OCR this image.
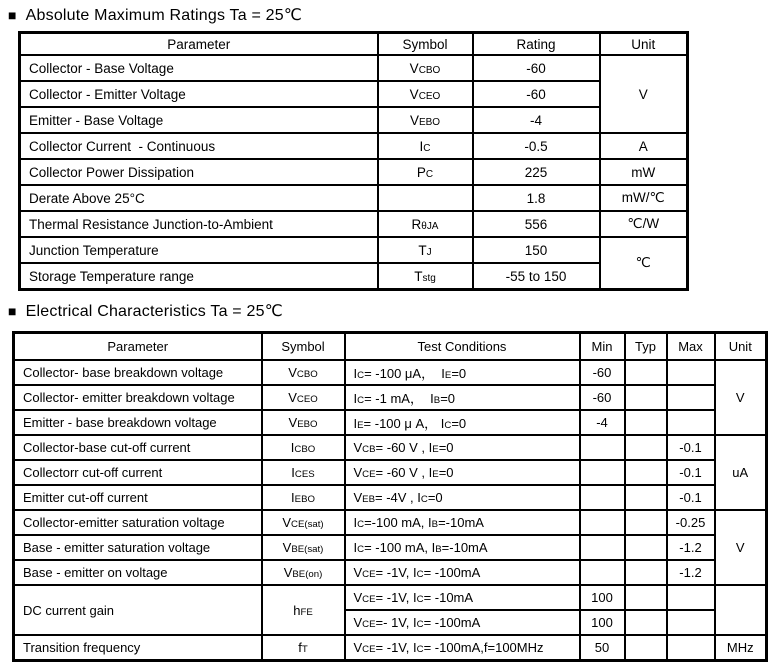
■ Absolute Maximum Ratings Ta = 25℃
Parameter	Symbol	Rating	Unit
Collector - Base Voltage	VCBO	-60	V
Collector - Emitter Voltage	VCEO	-60	
Emitter - Base Voltage	VEBO	-4	
Collector Current  - Continuous	IC	-0.5	A
Collector Power Dissipation	PC	225	mW
Derate Above 25°C		1.8	mW/℃
Thermal Resistance Junction-to-Ambient	RθJA	556	℃/W
Junction Temperature	TJ	150	℃
Storage Temperature range	Tstg	-55 to 150	
■ Electrical Characteristics Ta = 25℃
Parameter	Symbol	Test Conditions	Min	Typ	Max	Unit
Collector- base breakdown voltage	VCBO	IC= -100 μA，  IE=0	-60			V
Collector- emitter breakdown voltage	VCEO	IC= -1 mA，  IB=0	-60			
Emitter - base breakdown voltage	VEBO	IE= -100 μ A， IC=0	-4			
Collector-base cut-off current	ICBO	VCB= -60 V , IE=0			-0.1	uA
Collectorr cut-off current	ICES	VCE= -60 V , IE=0			-0.1	
Emitter cut-off current	IEBO	VEB= -4V , IC=0			-0.1	
Collector-emitter saturation voltage	VCE(sat)	IC=-100 mA, IB=-10mA			-0.25	V
Base - emitter saturation voltage	VBE(sat)	IC= -100 mA, IB=-10mA			-1.2	
Base - emitter on voltage	VBE(on)	VCE= -1V, IC= -100mA			-1.2	
DC current gain	hFE	VCE= -1V, IC= -10mA	100			
		VCE=- 1V, IC= -100mA	100			
Transition frequency	fT	VCE= -1V, IC= -100mA,f=100MHz	50			MHz
